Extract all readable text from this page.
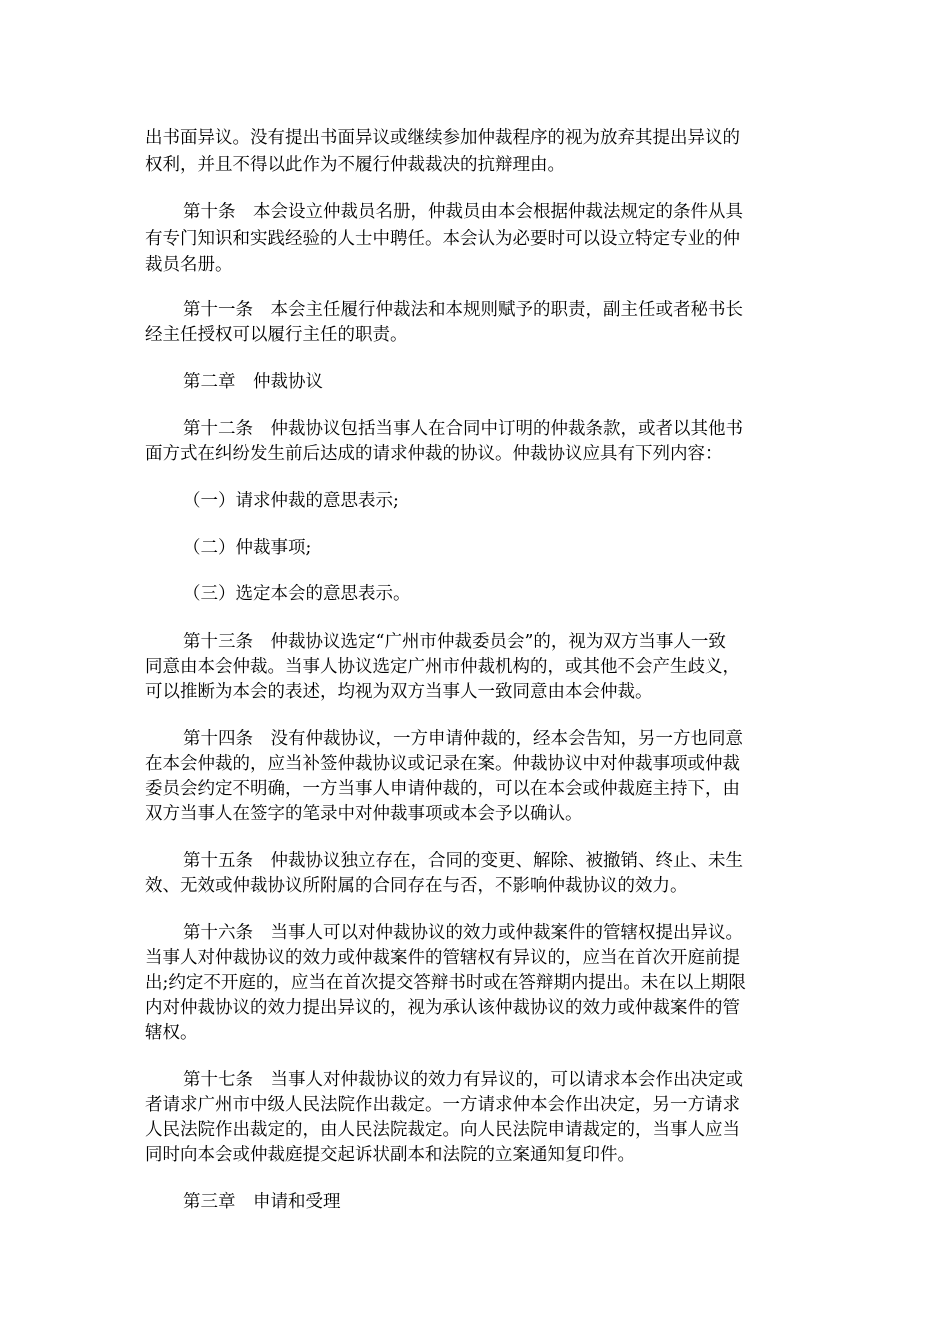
出书面异议。没有提出书面异议或继续参加仲裁程序的视为放弃其提出异议的
权利，并且不得以此作为不履行仲裁裁决的抗辩理由。
第十条　本会设立仲裁员名册，仲裁员由本会根据仲裁法规定的条件从具
有专门知识和实践经验的人士中聘任。本会认为必要时可以设立特定专业的仲
裁员名册。
第十一条　本会主任履行仲裁法和本规则赋予的职责，副主任或者秘书长
经主任授权可以履行主任的职责。
第二章　仲裁协议
第十二条　仲裁协议包括当事人在合同中订明的仲裁条款，或者以其他书
面方式在纠纷发生前后达成的请求仲裁的协议。仲裁协议应具有下列内容：
（一）请求仲裁的意思表示;
（二）仲裁事项;
（三）选定本会的意思表示。
第十三条　仲裁协议选定“广州市仲裁委员会”的，视为双方当事人一致
同意由本会仲裁。当事人协议选定广州市仲裁机构的，或其他不会产生歧义，
可以推断为本会的表述，均视为双方当事人一致同意由本会仲裁。
第十四条　没有仲裁协议，一方申请仲裁的，经本会告知，另一方也同意
在本会仲裁的，应当补签仲裁协议或记录在案。仲裁协议中对仲裁事项或仲裁
委员会约定不明确，一方当事人申请仲裁的，可以在本会或仲裁庭主持下，由
双方当事人在签字的笔录中对仲裁事项或本会予以确认。
第十五条　仲裁协议独立存在，合同的变更、解除、被撤销、终止、未生
效、无效或仲裁协议所附属的合同存在与否，不影响仲裁协议的效力。
第十六条　当事人可以对仲裁协议的效力或仲裁案件的管辖权提出异议。
当事人对仲裁协议的效力或仲裁案件的管辖权有异议的，应当在首次开庭前提
出;约定不开庭的，应当在首次提交答辩书时或在答辩期内提出。未在以上期限
内对仲裁协议的效力提出异议的，视为承认该仲裁协议的效力或仲裁案件的管
辖权。
第十七条　当事人对仲裁协议的效力有异议的，可以请求本会作出决定或
者请求广州市中级人民法院作出裁定。一方请求仲本会作出决定，另一方请求
人民法院作出裁定的，由人民法院裁定。向人民法院申请裁定的，当事人应当
同时向本会或仲裁庭提交起诉状副本和法院的立案通知复印件。
第三章　申请和受理
